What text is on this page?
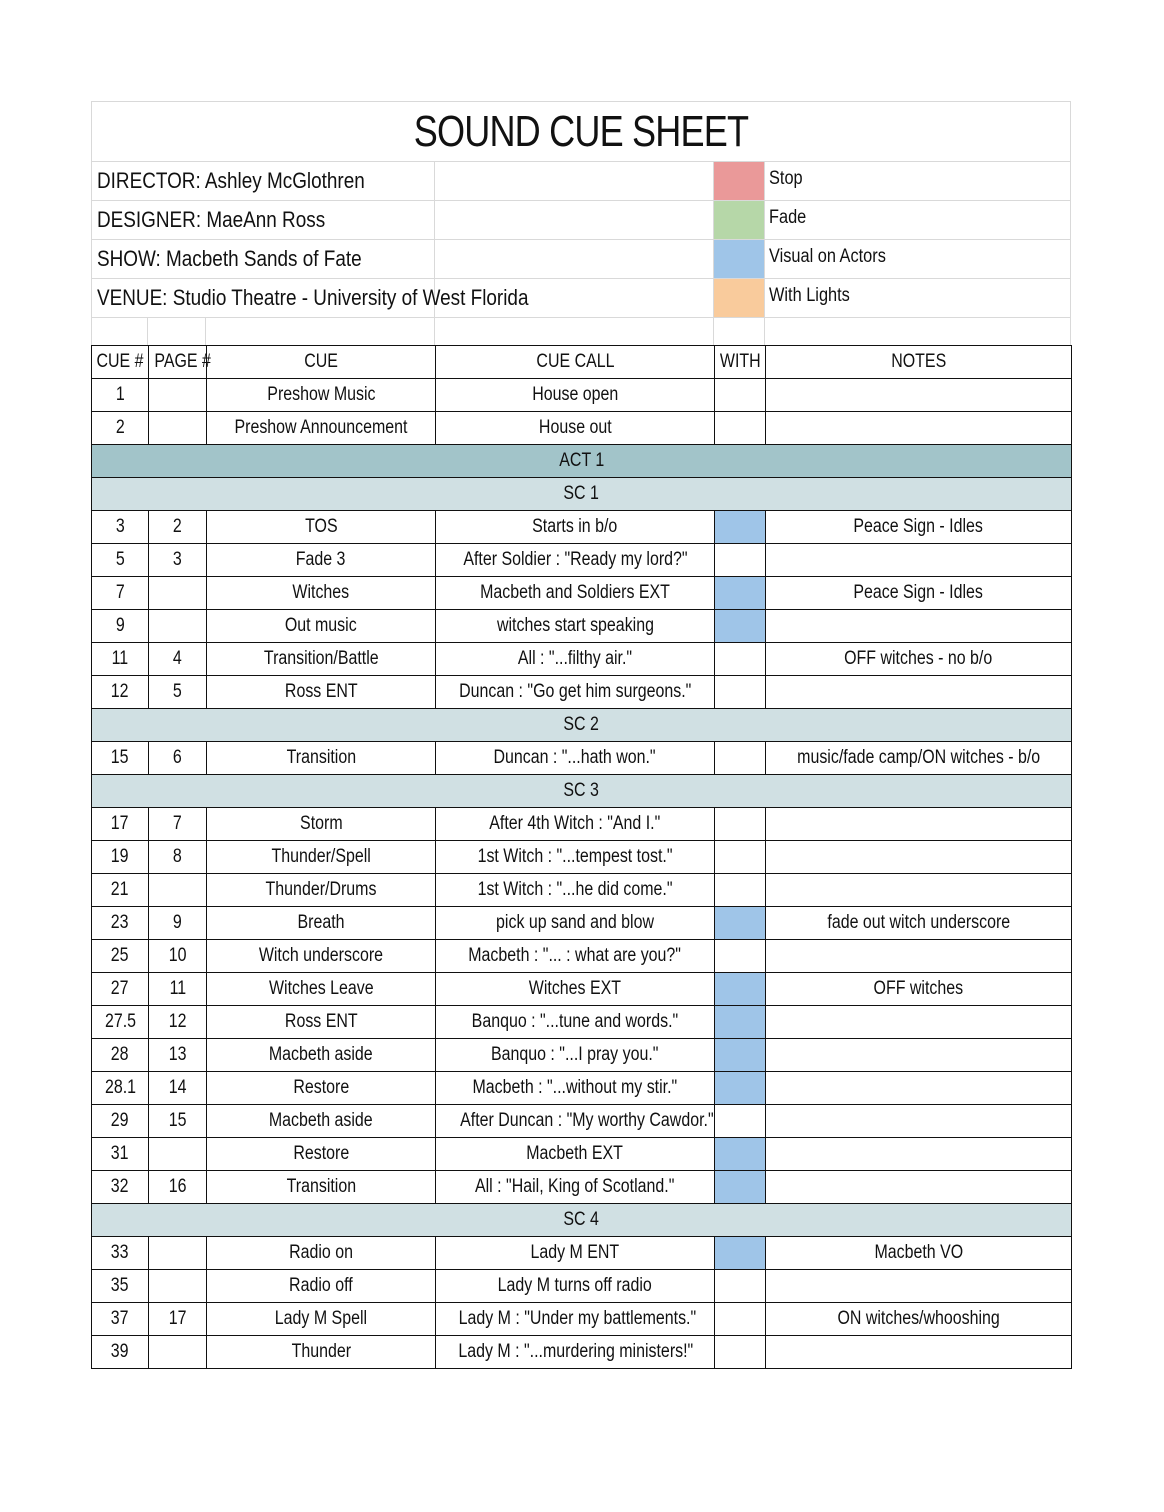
SOUND CUE SHEET
DIRECTOR: Ashley McGlothren	Stop
DESIGNER: MaeAnn Ross	Fade
SHOW: Macbeth Sands of Fate	Visual on Actors
VENUE: Studio Theatre - University of West Florida	With Lights
CUE #	PAGE #	CUE	CUE CALL	WITH	NOTES
1		Preshow Music	House open		
2		Preshow Announcement	House out		
ACT 1					
SC 1					
3	2	TOS	Starts in b/o		Peace Sign - Idles
5	3	Fade 3	After Soldier : "Ready my lord?"		
7		Witches	Macbeth and Soldiers EXT		Peace Sign - Idles
9		Out music	witches start speaking		
11	4	Transition/Battle	All : "...filthy air."		OFF witches - no b/o
12	5	Ross ENT	Duncan : "Go get him surgeons."		
SC 2					
15	6	Transition	Duncan : "...hath won."		music/fade camp/ON witches - b/o
SC 3					
17	7	Storm	After 4th Witch : "And I."		
19	8	Thunder/Spell	1st Witch : "...tempest tost."		
21		Thunder/Drums	1st Witch : "...he did come."		
23	9	Breath	pick up sand and blow		fade out witch underscore
25	10	Witch underscore	Macbeth : "... : what are you?"		
27	11	Witches Leave	Witches EXT		OFF witches
27.5	12	Ross ENT	Banquo : "...tune and words."		
28	13	Macbeth aside	Banquo : "...I pray you."		
28.1	14	Restore	Macbeth : "...without my stir."		
29	15	Macbeth aside	After Duncan : "My worthy Cawdor."		
31		Restore	Macbeth EXT		
32	16	Transition	All : "Hail, King of Scotland."		
SC 4					
33		Radio on	Lady M ENT		Macbeth VO
35		Radio off	Lady M turns off radio		
37	17	Lady M Spell	Lady M : "Under my battlements."		ON witches/whooshing
39		Thunder	Lady M : "...murdering ministers!"		
